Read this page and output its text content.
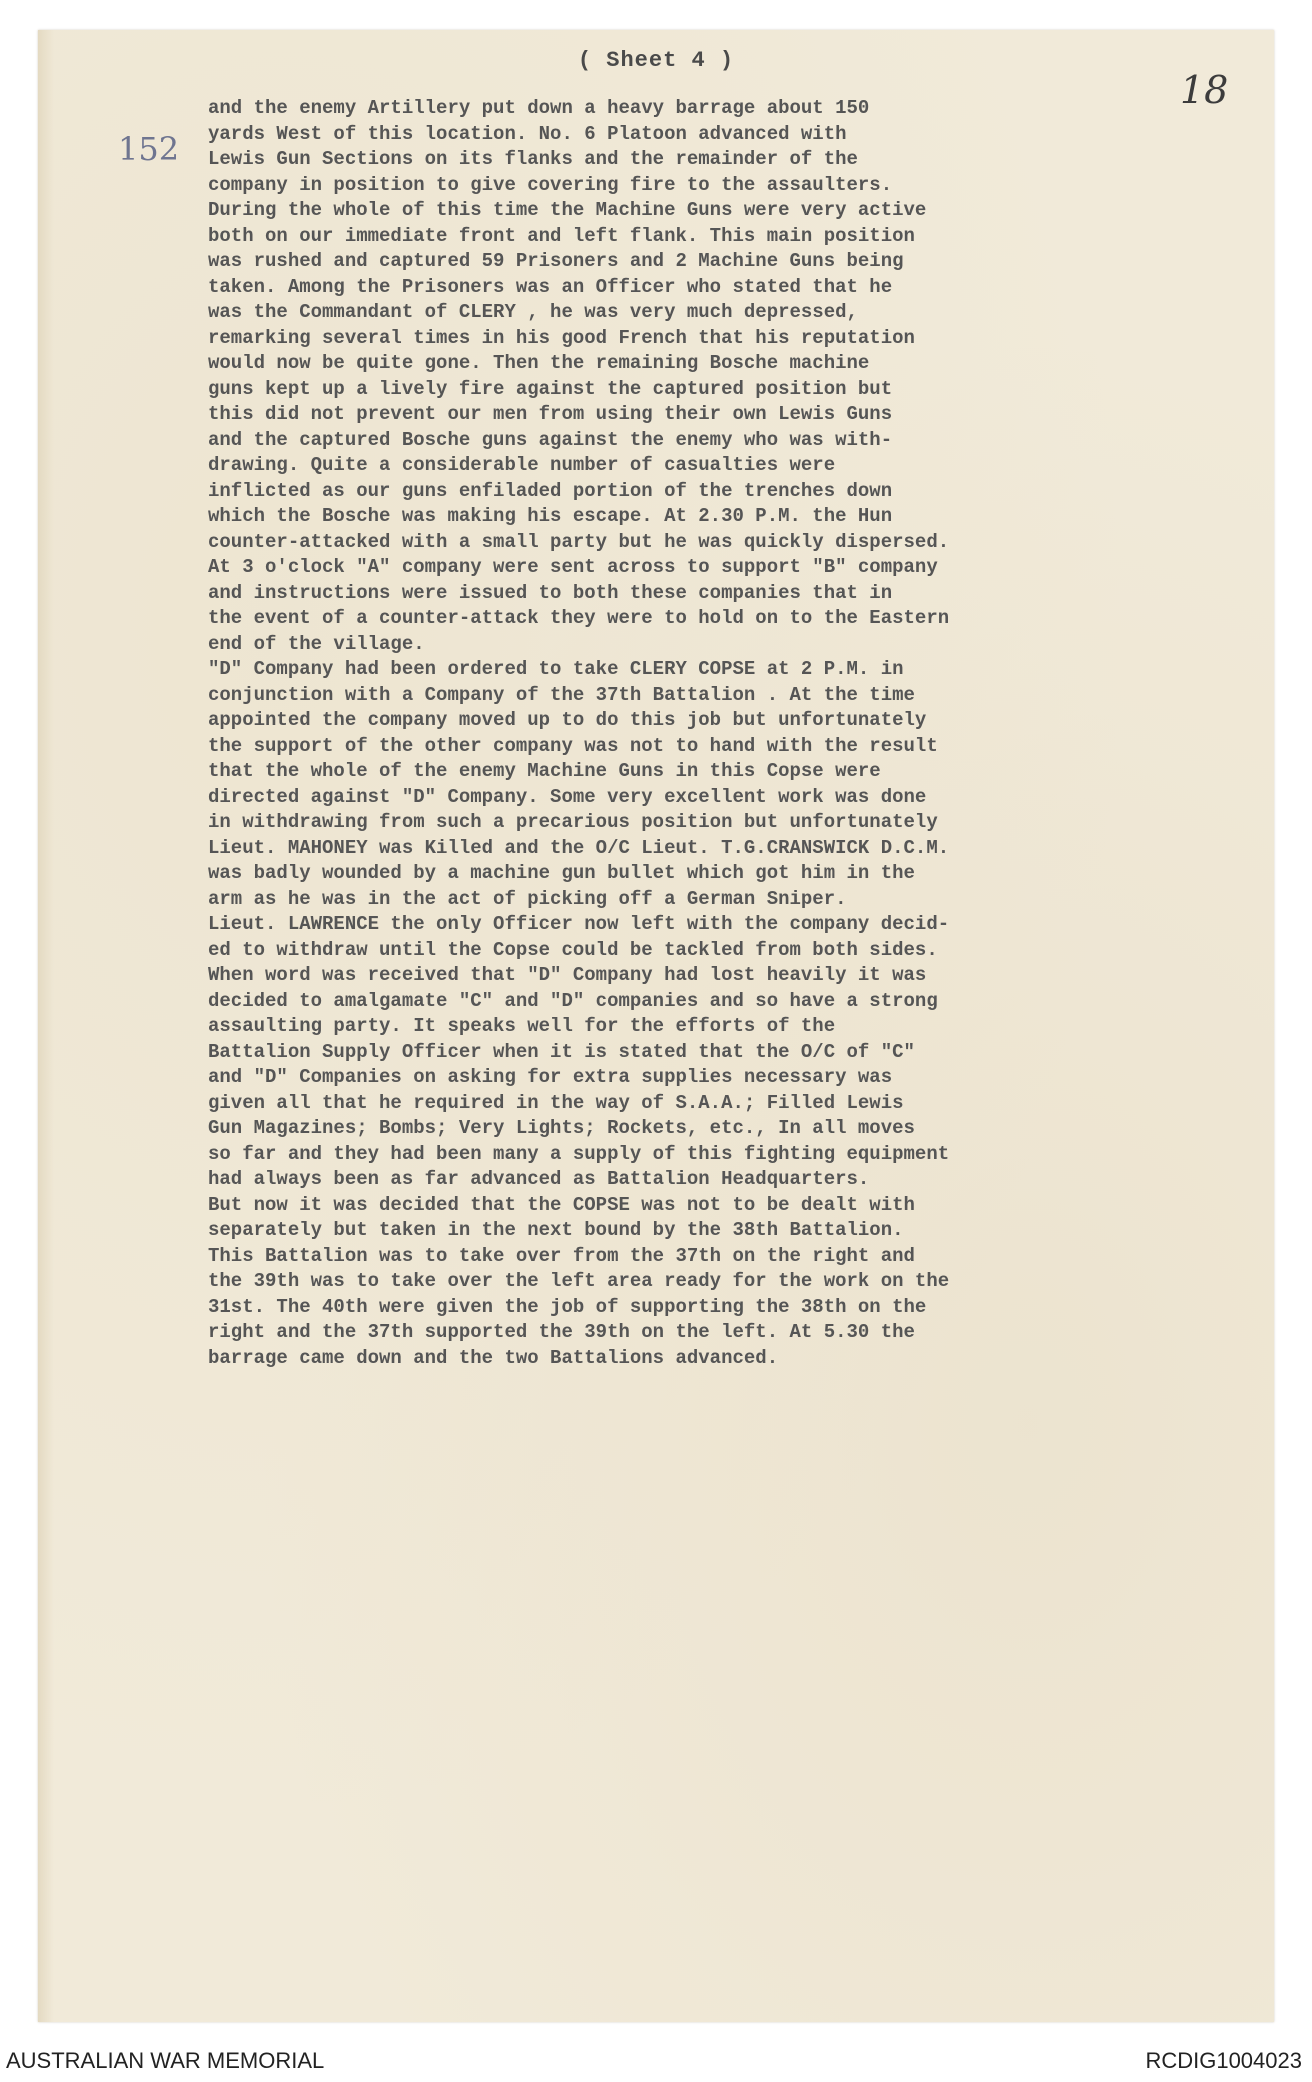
( Sheet 4 )
18
152
and the enemy Artillery put down a heavy barrage about 150
yards West of this location. No. 6 Platoon advanced with
Lewis Gun Sections on its flanks and the remainder of the
company in position to give covering fire to the assaulters.
During the whole of this time the Machine Guns were very active
both on our immediate front and left flank. This main position
was rushed and captured 59 Prisoners and 2 Machine Guns being
taken. Among the Prisoners was an Officer who stated that he
was the Commandant of CLERY , he was very much depressed,
remarking several times in his good French that his reputation
would now be quite gone. Then the remaining Bosche machine
guns kept up a lively fire against the captured position but
this did not prevent our men from using their own Lewis Guns
and the captured Bosche guns against the enemy who was with-
drawing. Quite a considerable number of casualties were
inflicted as our guns enfiladed portion of the trenches down
which the Bosche was making his escape. At 2.30 P.M. the Hun
counter-attacked with a small party but he was quickly dispersed.
At 3 o'clock "A" company were sent across to support "B" company
and instructions were issued to both these companies that in
the event of a counter-attack they were to hold on to the Eastern
end of the village.
"D" Company had been ordered to take CLERY COPSE at 2 P.M. in
conjunction with a Company of the 37th Battalion . At the time
appointed the company moved up to do this job but unfortunately
the support of the other company was not to hand with the result
that the whole of the enemy Machine Guns in this Copse were
directed against "D" Company. Some very excellent work was done
in withdrawing from such a precarious position but unfortunately
Lieut. MAHONEY was Killed and the O/C Lieut. T.G.CRANSWICK D.C.M.
was badly wounded by a machine gun bullet which got him in the
arm as he was in the act of picking off a German Sniper.
Lieut. LAWRENCE the only Officer now left with the company decid-
ed to withdraw until the Copse could be tackled from both sides.
When word was received that "D" Company had lost heavily it was
decided to amalgamate "C" and "D" companies and so have a strong
assaulting party. It speaks well for the efforts of the
Battalion Supply Officer when it is stated that the O/C of "C"
and "D" Companies on asking for extra supplies necessary was
given all that he required in the way of S.A.A.; Filled Lewis
Gun Magazines; Bombs; Very Lights; Rockets, etc., In all moves
so far and they had been many a supply of this fighting equipment
had always been as far advanced as Battalion Headquarters.
But now it was decided that the COPSE was not to be dealt with
separately but taken in the next bound by the 38th Battalion.
This Battalion was to take over from the 37th on the right and
the 39th was to take over the left area ready for the work on the
31st. The 40th were given the job of supporting the 38th on the
right and the 37th supported the 39th on the left. At 5.30 the
barrage came down and the two Battalions advanced.

AUSTRALIAN WAR MEMORIAL	RCDIG1004023
